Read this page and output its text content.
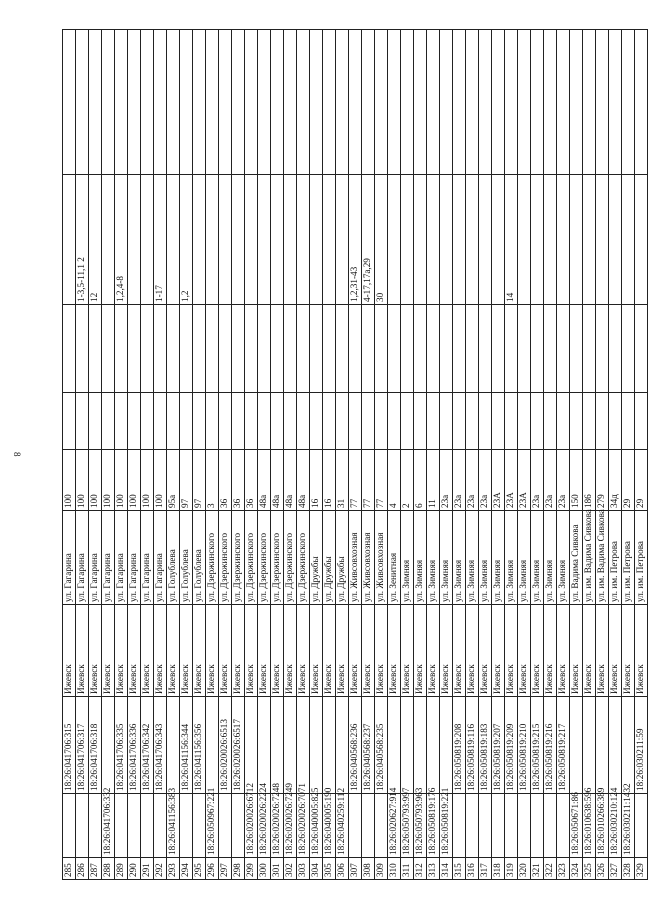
8
285		18:26:041706:315	Ижевск	ул. Гагарина	100				
286		18:26:041706:317	Ижевск	ул. Гагарина	100			1-3,5-11,1 2	
287		18:26:041706:318	Ижевск	ул. Гагарина	100			12	
288	18:26:041706:332		Ижевск	ул. Гагарина	100				
289		18:26:041706:335	Ижевск	ул. Гагарина	100			1,2,4-8	
290		18:26:041706:336	Ижевск	ул. Гагарина	100				
291		18:26:041706:342	Ижевск	ул. Гагарина	100				
292		18:26:041706:343	Ижевск	ул. Гагарина	100			1-17	
293	18:26:041156:383		Ижевск	ул. Голублева	95а				
294		18:26:041156:344	Ижевск	ул. Голублева	97			1,2	
295		18:26:041156:356	Ижевск	ул. Голублева	97				
296	18:26:050967:221		Ижевск	ул. Дзержинского	3				
297		18:26:020026:6513	Ижевск	ул. Дзержинского	36				
298		18:26:020026:6517	Ижевск	ул. Дзержинского	36				
299	18:26:020026:6712		Ижевск	ул. Дзержинского	36				
300	18:26:020026:2224		Ижевск	ул. Дзержинского	48а				
301	18:26:020026:7248		Ижевск	ул. Дзержинского	48а				
302	18:26:020026:7249		Ижевск	ул. Дзержинского	48а				
303	18:26:020026:7071		Ижевск	ул. Дзержинского	48а				
304	18:26:040005:825		Ижевск	ул. Дружбы	16				
305	18:26:040005:190		Ижевск	ул. Дружбы	16				
306	18:26:040259:112		Ижевск	ул. Дружбы	31				
307		18:26:040568:236	Ижевск	ул. Живсовхозная	77			1,2,31-43	
308		18:26:040568:237	Ижевск	ул. Живсовхозная	77			4-17,17а,29	
309		18:26:040568:235	Ижевск	ул. Живсовхозная	77			30	
310	18:26:020627:914		Ижевск	ул. Зенитная	4				
311	18:26:050793:997		Ижевск	ул. Зимняя	2				
312	18:26:050793:963		Ижевск	ул. Зимняя	6				
313	18:26:050819:176		Ижевск	ул. Зимняя	11				
314	18:26:050819:221		Ижевск	ул. Зимняя	23а				
315		18:26:050819:208	Ижевск	ул. Зимняя	23а				
316		18:26:050819:116	Ижевск	ул. Зимняя	23а				
317		18:26:050819:183	Ижевск	ул. Зимняя	23а				
318		18:26:050819:207	Ижевск	ул. Зимняя	23А				
319		18:26:050819:209	Ижевск	ул. Зимняя	23А			14	
320		18:26:050819:210	Ижевск	ул. Зимняя	23А				
321		18:26:050819:215	Ижевск	ул. Зимняя	23а				
322		18:26:050819:216	Ижевск	ул. Зимняя	23а				
323		18:26:050819:217	Ижевск	ул. Зимняя	23а				
324	18:26:050671:86		Ижевск	ул. Вадима Сивкова	150				
325	18:26:010638:596		Ижевск	ул. им. Вадима Сивкова	186				
326	18:26:010266:389		Ижевск	ул. им. Вадима Сивкова	279				
327	18:26:030210:124		Ижевск	ул. им. Петрова	34д				
328	18:26:030211:1432		Ижевск	ул. им. Петрова	29				
329		18:26:030211:59	Ижевск	ул. им. Петрова	29				
